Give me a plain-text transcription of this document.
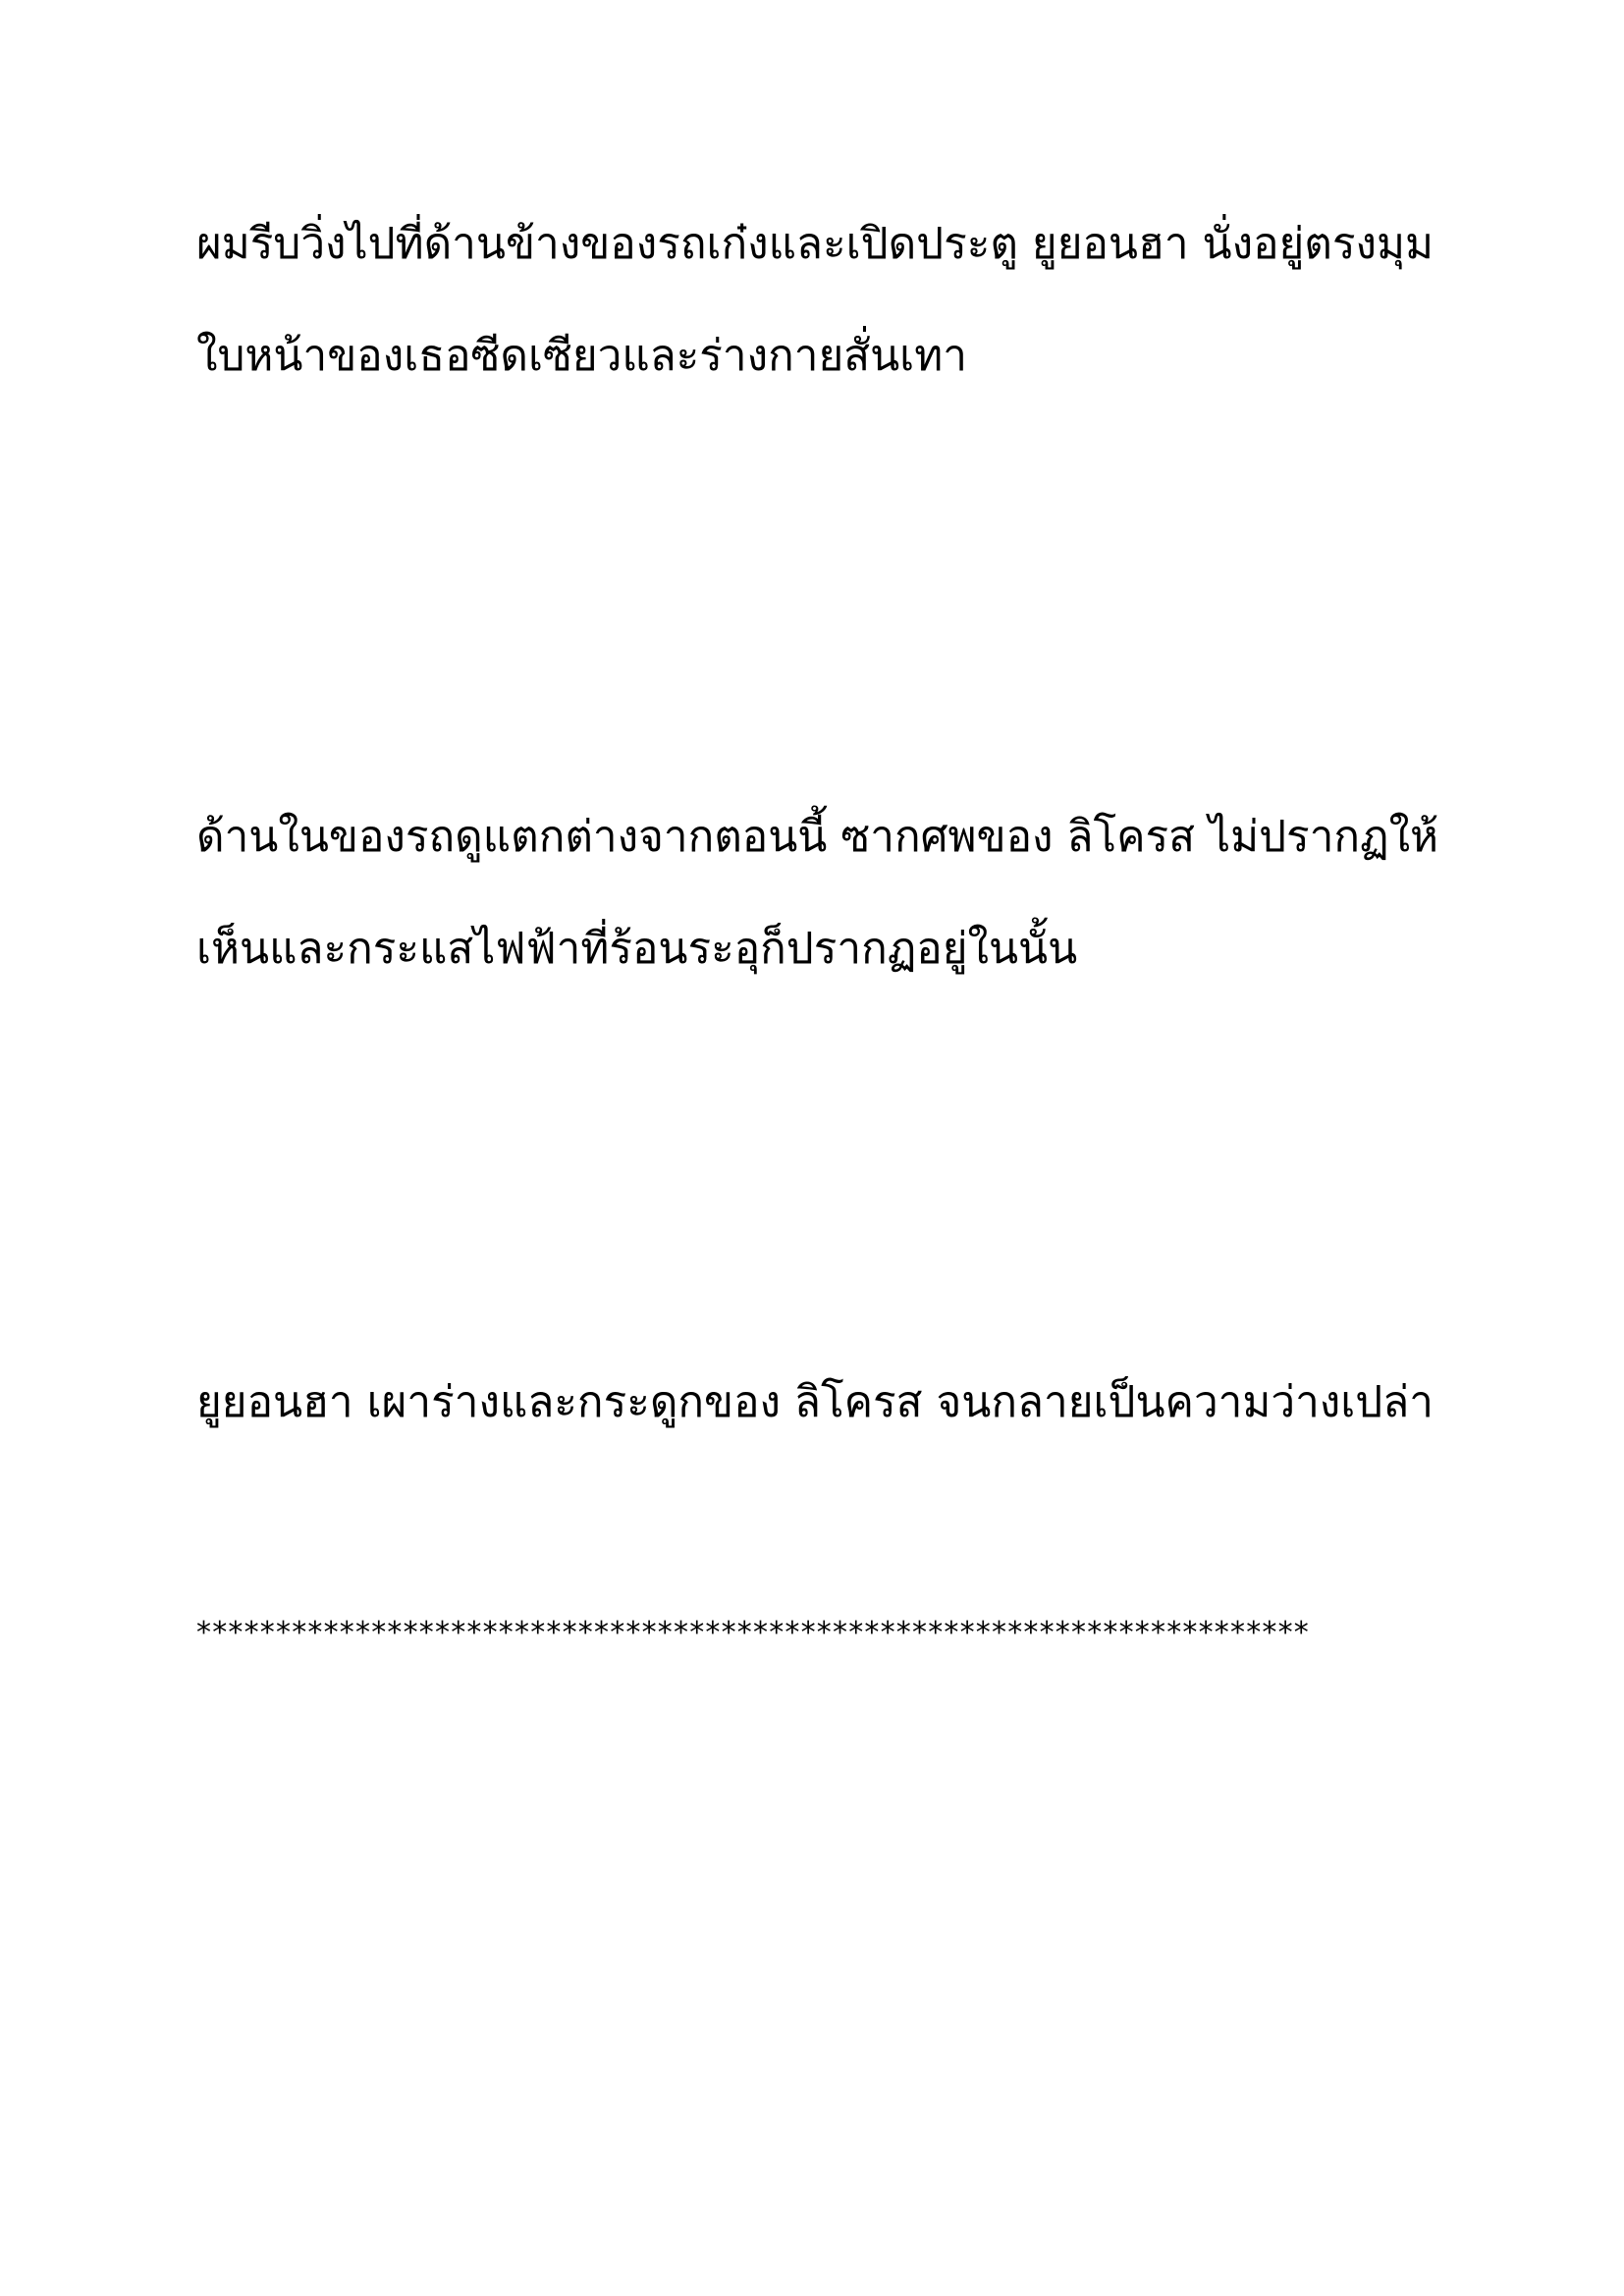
ผมรีบวิ่งไปที่ด้านข้างของรถเก๋งและเปิดประตู ยูยอนฮา นั่งอยู่ตรงมุม
ใบหน้าของเธอซีดเซียวและร่างกายสั่นเทา

ด้านในของรถดูแตกต่างจากตอนนี้ ซากศพของ ลิโครส ไม่ปรากฏให้
เห็นและกระแสไฟฟ้าที่ร้อนระอุก็ปรากฏอยู่ในนั้น

ยูยอนฮา เผาร่างและกระดูกของ ลิโครส จนกลายเป็นความว่างเปล่า

**********************************************************************
